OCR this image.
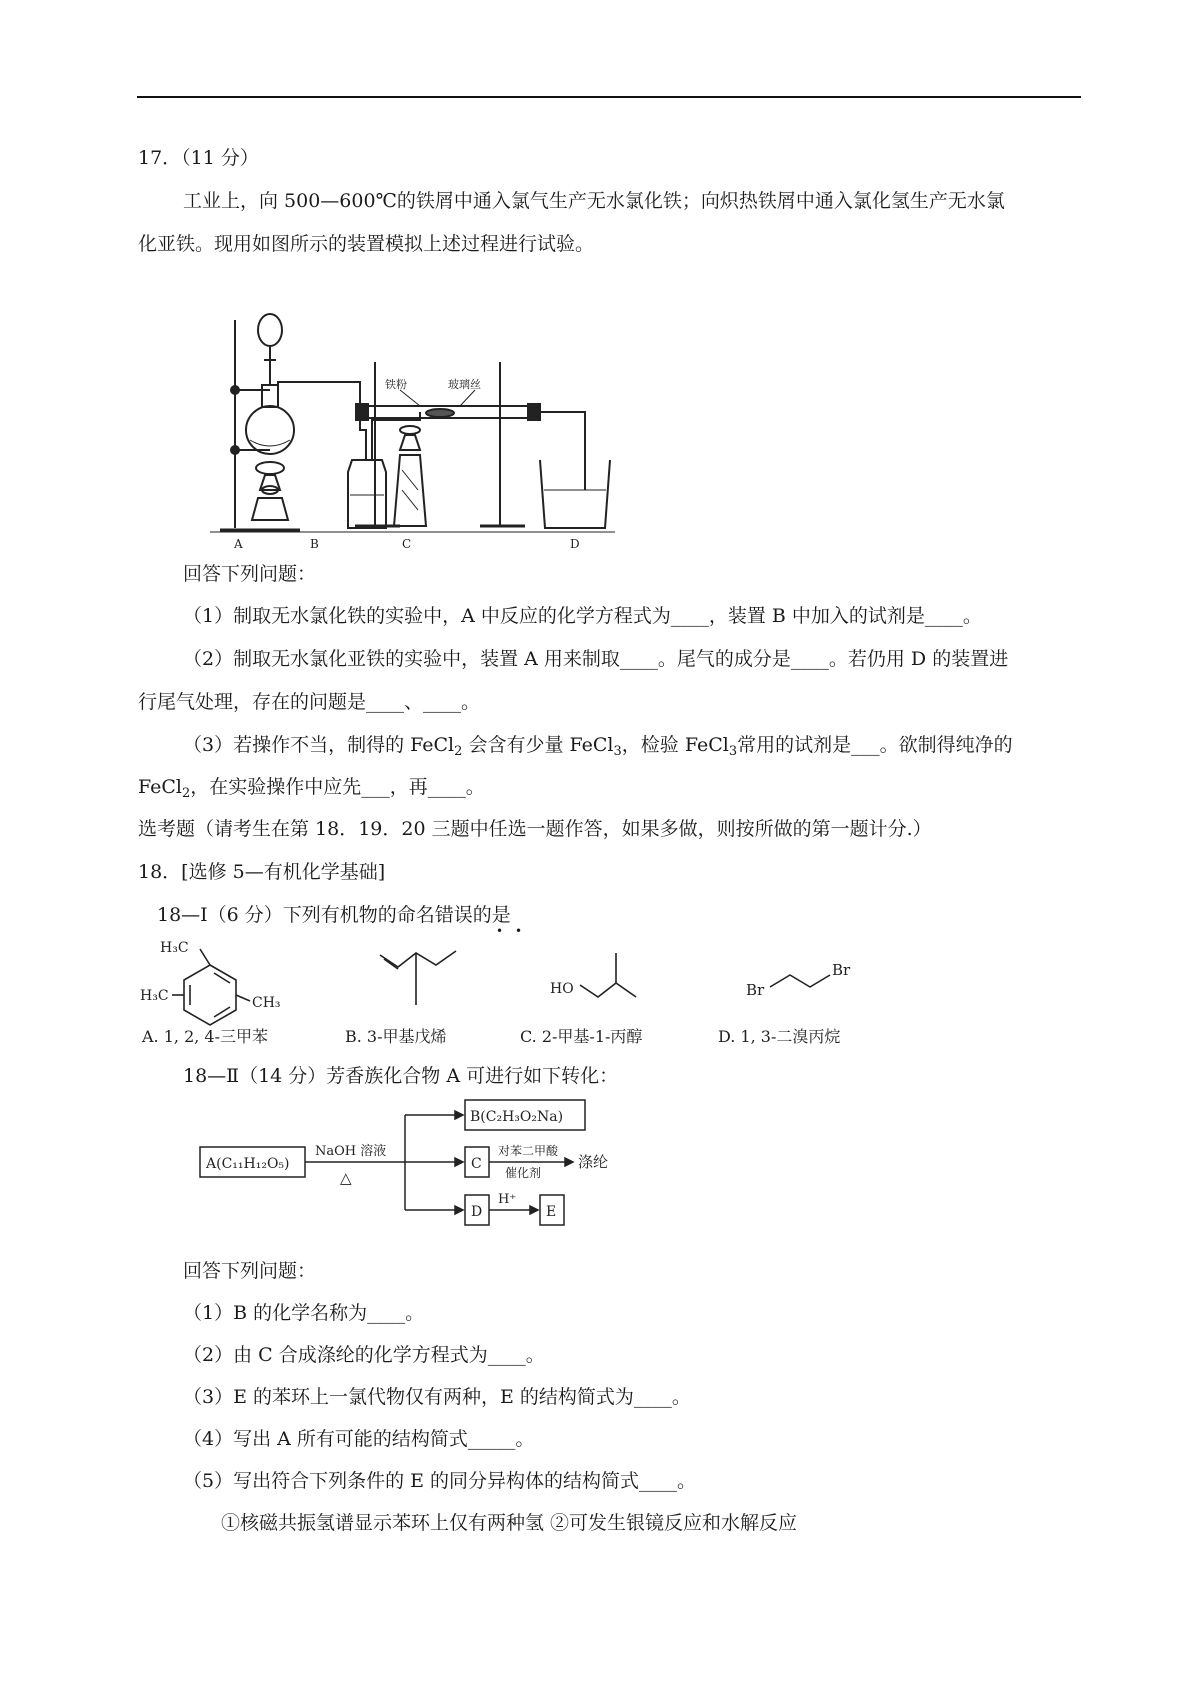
17．（11 分）
工业上，向 500—600℃的铁屑中通入氯气生产无水氯化铁；向炽热铁屑中通入氯化氢生产无水氯
化亚铁。现用如图所示的装置模拟上述过程进行试验。
铁粉	玻璃丝
A	B	C	D
回答下列问题：
（1）制取无水氯化铁的实验中，A 中反应的化学方程式为____，装置 B 中加入的试剂是____。
（2）制取无水氯化亚铁的实验中，装置 A 用来制取____。尾气的成分是____。若仍用 D 的装置进
行尾气处理，存在的问题是____、____。
（3）若操作不当，制得的 FeCl$_2$ 会含有少量 FeCl$_3$，检验 FeCl$_3$常用的试剂是___。欲制得纯净的
FeCl$_2$，在实验操作中应先___，再____。
选考题（请考生在第 18．19．20 三题中任选一题作答，如果多做，则按所做的第一题计分.）
18．[选修 5—有机化学基础]
18—Ⅰ（6 分）下列有机物的命名错误的是
• •
H₃C
H₃C	CH₃
HO	Br
Br
A. 1, 2, 4-三甲苯	B. 3-甲基戊烯	C. 2-甲基-1-丙醇	D. 1, 3-二溴丙烷
18—Ⅱ（14 分）芳香族化合物 A 可进行如下转化：
A(C₁₁H₁₂O₅)
NaOH 溶液
△
B(C₂H₃O₂Na)
C
对苯二甲酸
催化剂
涤纶
D
H⁺
E
回答下列问题：
（1）B 的化学名称为____。
（2）由 C 合成涤纶的化学方程式为____。
（3）E 的苯环上一氯代物仅有两种，E 的结构简式为____。
（4）写出 A 所有可能的结构简式_____。
（5）写出符合下列条件的 E 的同分异构体的结构简式____。
①核磁共振氢谱显示苯环上仅有两种氢 ②可发生银镜反应和水解反应
